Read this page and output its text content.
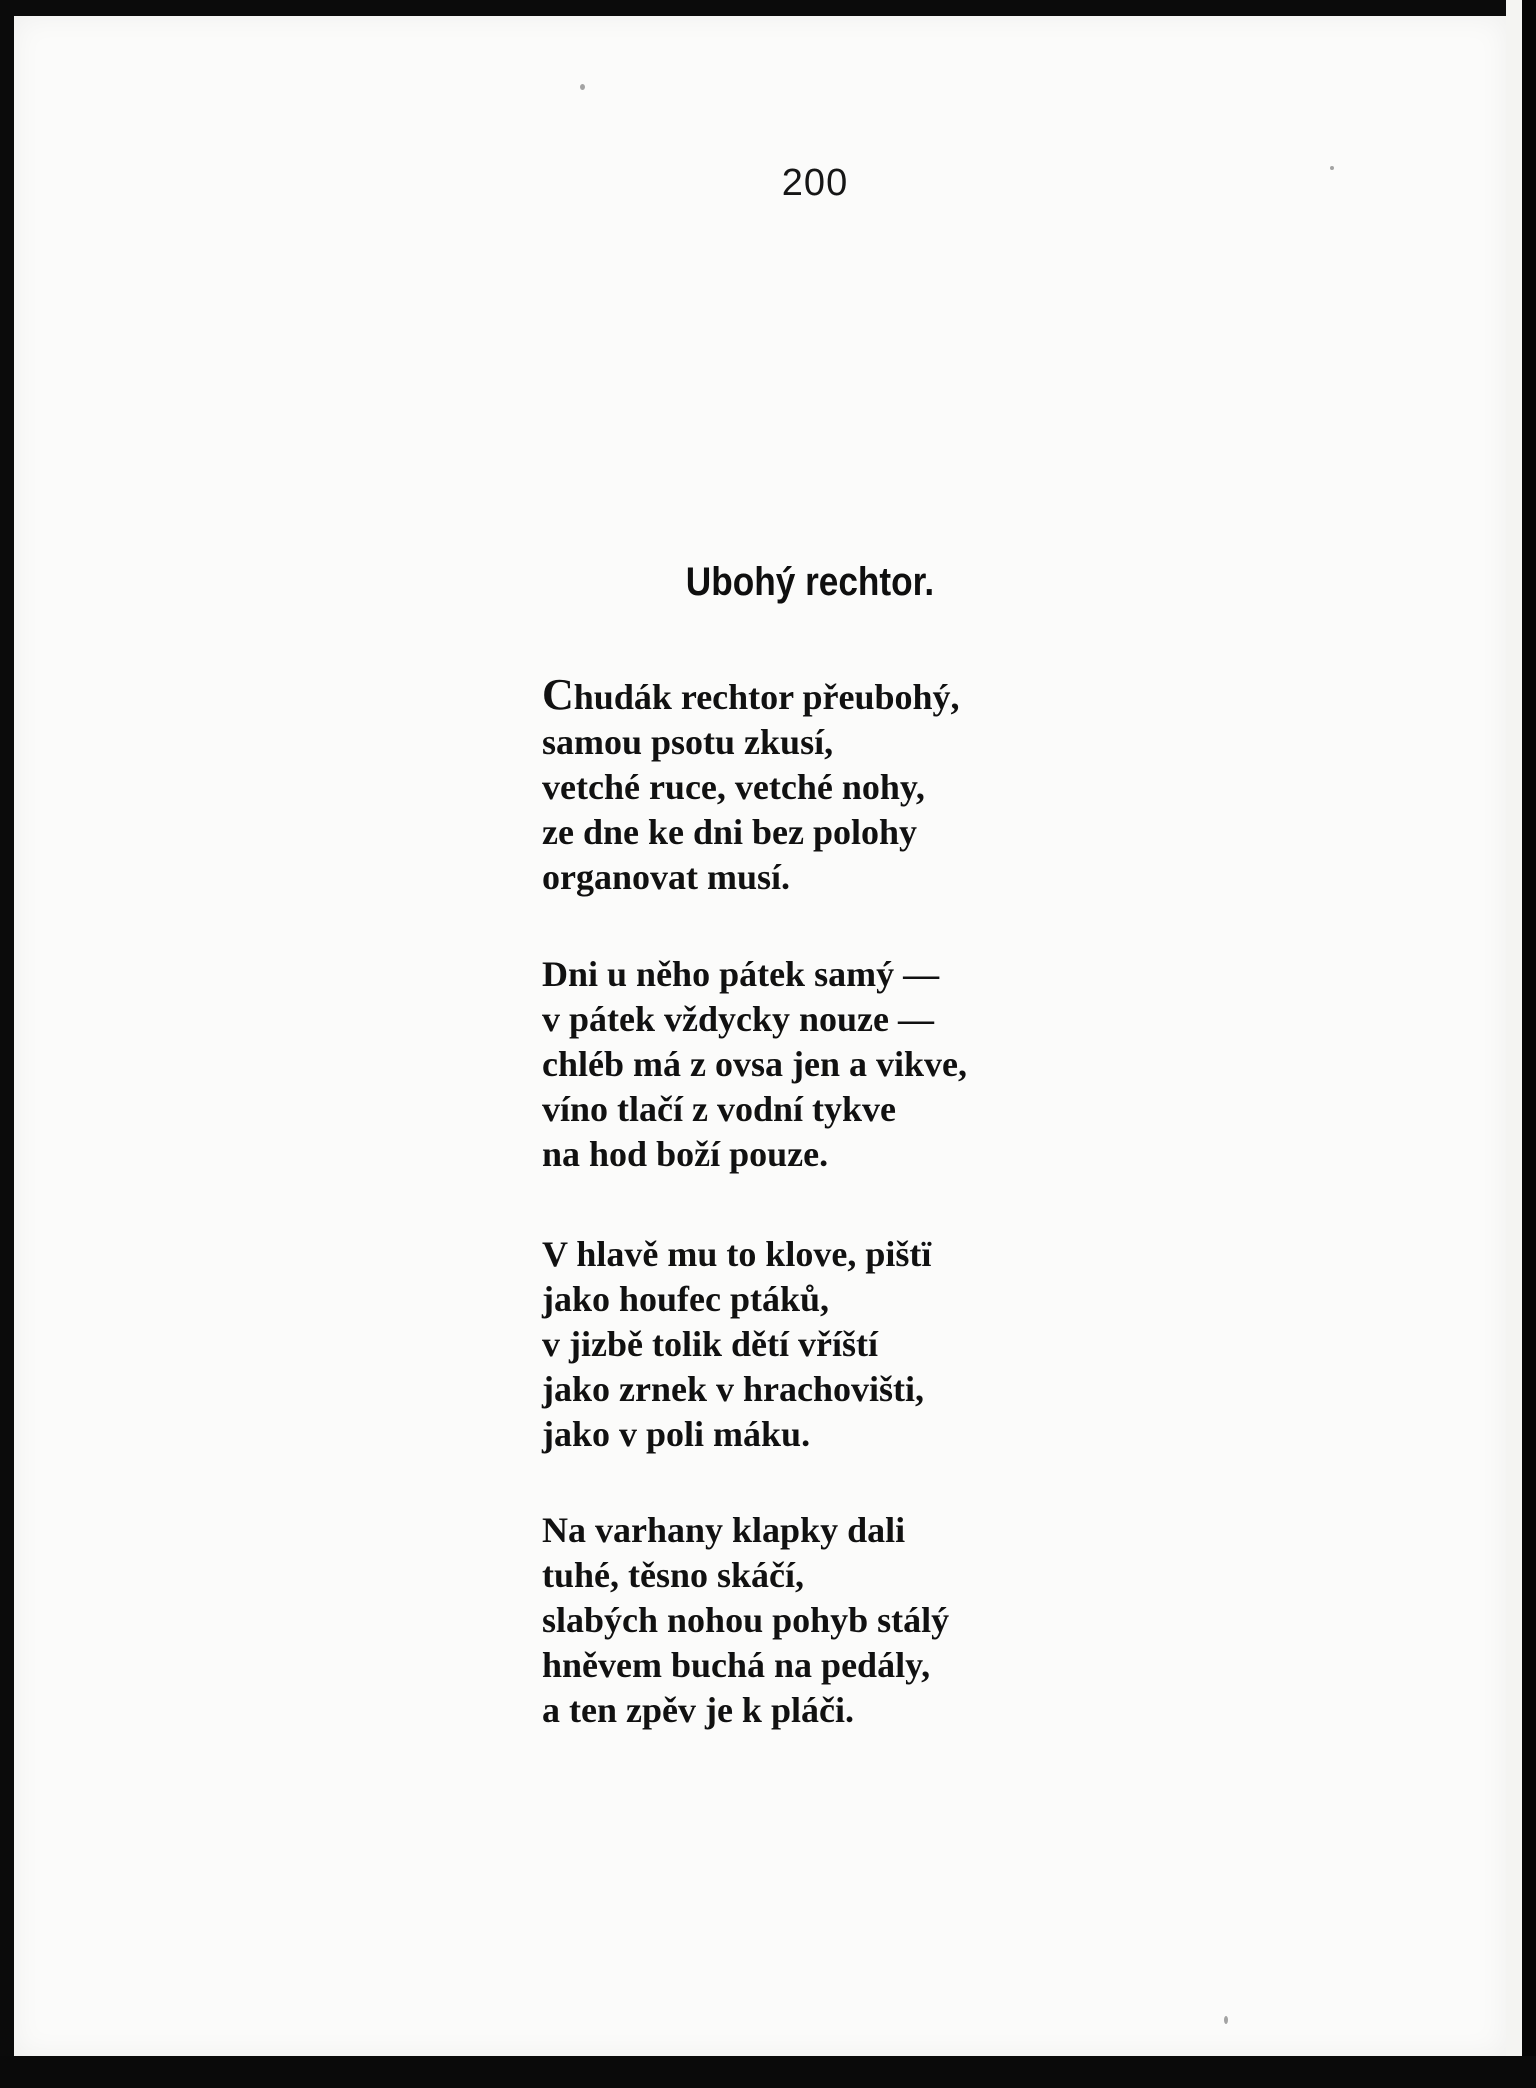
200
Ubohý rechtor.
Chudák rechtor přeubohý,
samou psotu zkusí,
vetché ruce, vetché nohy,
ze dne ke dni bez polohy
organovat musí.
Dni u něho pátek samý —
v pátek vždycky nouze —
chléb má z ovsa jen a vikve,
víno tlačí z vodní tykve
na hod boží pouze.
V hlavě mu to klove, pištï
jako houfec ptáků,
v jizbě tolik dětí vříští
jako zrnek v hrachovišti,
jako v poli máku.
Na varhany klapky dali
tuhé, těsno skáčí,
slabých nohou pohyb stálý
hněvem buchá na pedály,
a ten zpěv je k pláči.
